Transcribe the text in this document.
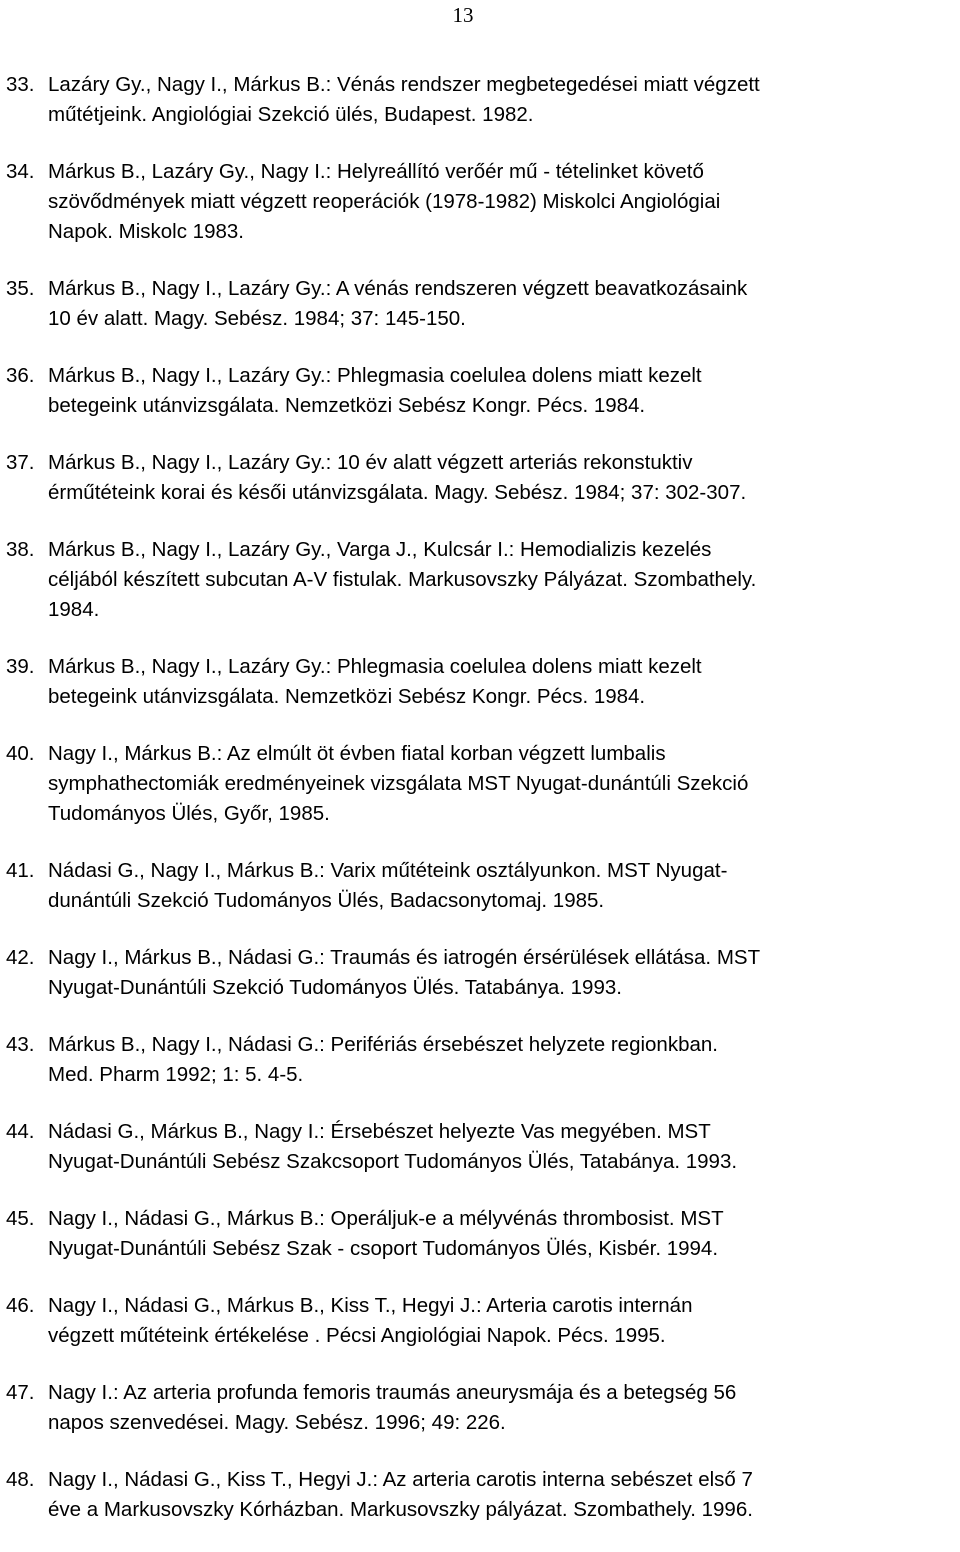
13
33. Lazáry Gy., Nagy I., Márkus B.: Vénás rendszer megbetegedései miatt végzett
műtétjeink. Angiológiai Szekció ülés, Budapest. 1982.
34. Márkus B., Lazáry Gy., Nagy I.: Helyreállító verőér mű - tételinket követő
szövődmények miatt végzett reoperációk (1978-1982) Miskolci Angiológiai
Napok. Miskolc 1983.
35. Márkus B., Nagy I., Lazáry Gy.: A vénás rendszeren végzett beavatkozásaink
10 év alatt. Magy. Sebész. 1984; 37: 145-150.
36. Márkus B., Nagy I., Lazáry Gy.: Phlegmasia coelulea dolens miatt kezelt
betegeink utánvizsgálata. Nemzetközi Sebész Kongr. Pécs. 1984.
37. Márkus B., Nagy I., Lazáry Gy.: 10 év alatt végzett arteriás rekonstuktiv
érműtéteink korai és késői utánvizsgálata. Magy. Sebész. 1984; 37: 302-307.
38. Márkus B., Nagy I., Lazáry Gy., Varga J., Kulcsár I.: Hemodializis kezelés
céljából készített subcutan A-V fistulak. Markusovszky Pályázat. Szombathely.
1984.
39. Márkus B., Nagy I., Lazáry Gy.: Phlegmasia coelulea dolens miatt kezelt
betegeink utánvizsgálata. Nemzetközi Sebész Kongr. Pécs. 1984.
40. Nagy I., Márkus B.: Az elmúlt öt évben fiatal korban végzett lumbalis
symphathectomiák eredményeinek vizsgálata MST Nyugat-dunántúli Szekció
Tudományos Ülés, Győr, 1985.
41. Nádasi G., Nagy I., Márkus B.: Varix műtéteink osztályunkon. MST Nyugat-
dunántúli Szekció Tudományos Ülés, Badacsonytomaj. 1985.
42. Nagy I., Márkus B., Nádasi G.: Traumás és iatrogén érsérülések ellátása. MST
Nyugat-Dunántúli Szekció Tudományos Ülés. Tatabánya. 1993.
43. Márkus B., Nagy I., Nádasi G.: Perifériás érsebészet helyzete regionkban.
Med. Pharm 1992; 1: 5. 4-5.
44. Nádasi G., Márkus B., Nagy I.: Érsebészet helyezte Vas megyében. MST
Nyugat-Dunántúli Sebész Szakcsoport Tudományos Ülés, Tatabánya. 1993.
45. Nagy I., Nádasi G., Márkus B.: Operáljuk-e a mélyvénás thrombosist. MST
Nyugat-Dunántúli Sebész Szak - csoport Tudományos Ülés, Kisbér. 1994.
46. Nagy I., Nádasi G., Márkus B., Kiss T., Hegyi J.: Arteria carotis internán
végzett műtéteink értékelése . Pécsi Angiológiai Napok. Pécs. 1995.
47. Nagy I.: Az arteria profunda femoris traumás aneurysmája és a betegség 56
napos szenvedései. Magy. Sebész. 1996; 49: 226.
48. Nagy I., Nádasi G., Kiss T., Hegyi J.: Az arteria carotis interna sebészet első 7
éve a Markusovszky Kórházban. Markusovszky pályázat. Szombathely. 1996.
